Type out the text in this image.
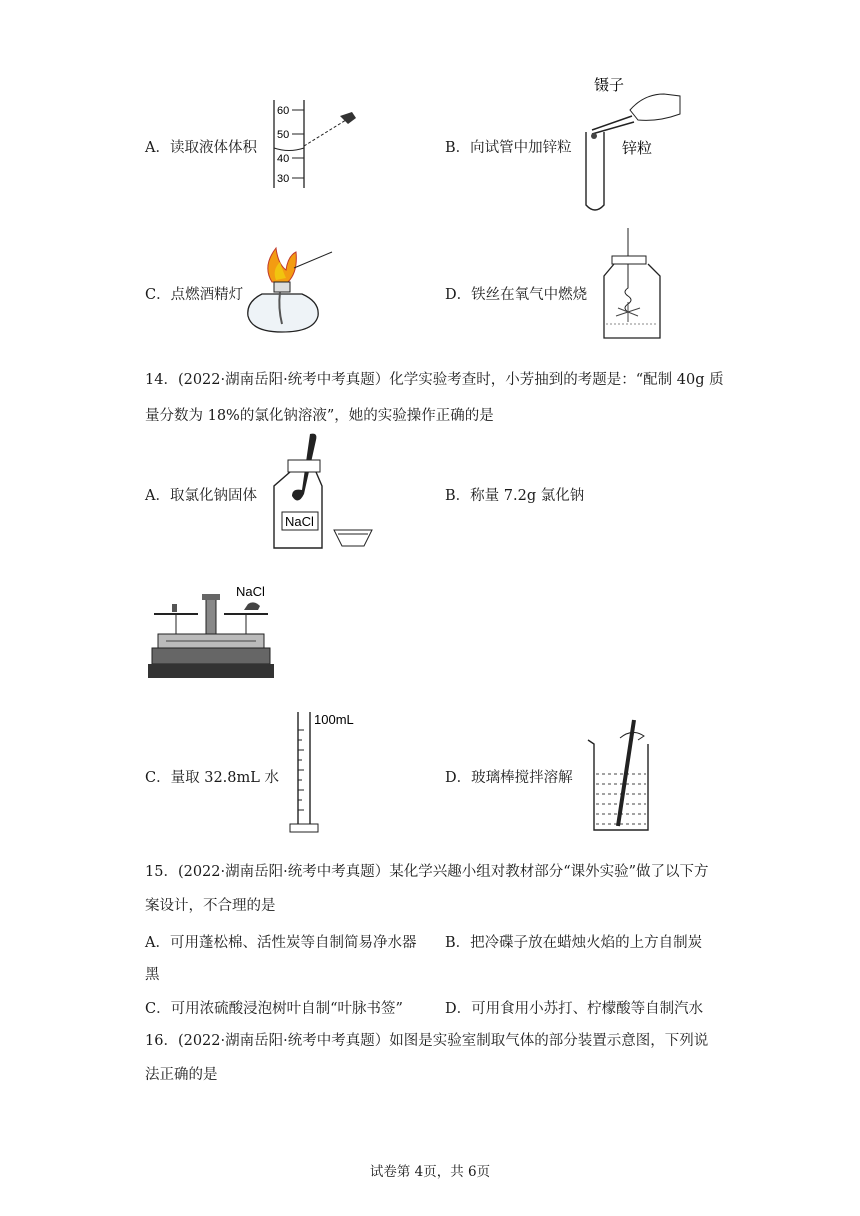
A．读取液体体积
60
50
40
30
B．向试管中加锌粒
镊子
锌粒
C．点燃酒精灯	D．铁丝在氧气中燃烧
14．(2022·湖南岳阳·统考中考真题）化学实验考查时，小芳抽到的考题是：“配制 40g 质
量分数为 18%的氯化钠溶液”，她的实验操作正确的是
A．取氯化钠固体
NaCl
B．称量 7.2g 氯化钠
NaCl
C．量取 32.8mL 水
100mL
D．玻璃棒搅拌溶解
15．(2022·湖南岳阳·统考中考真题）某化学兴趣小组对教材部分“课外实验”做了以下方
案设计，不合理的是
A．可用蓬松棉、活性炭等自制简易净水器 B．把冷碟子放在蜡烛火焰的上方自制炭
黑
C．可用浓硫酸浸泡树叶自制“叶脉书签”	D．可用食用小苏打、柠檬酸等自制汽水
16．(2022·湖南岳阳·统考中考真题）如图是实验室制取气体的部分装置示意图，下列说
法正确的是
试卷第 4页，共 6页
